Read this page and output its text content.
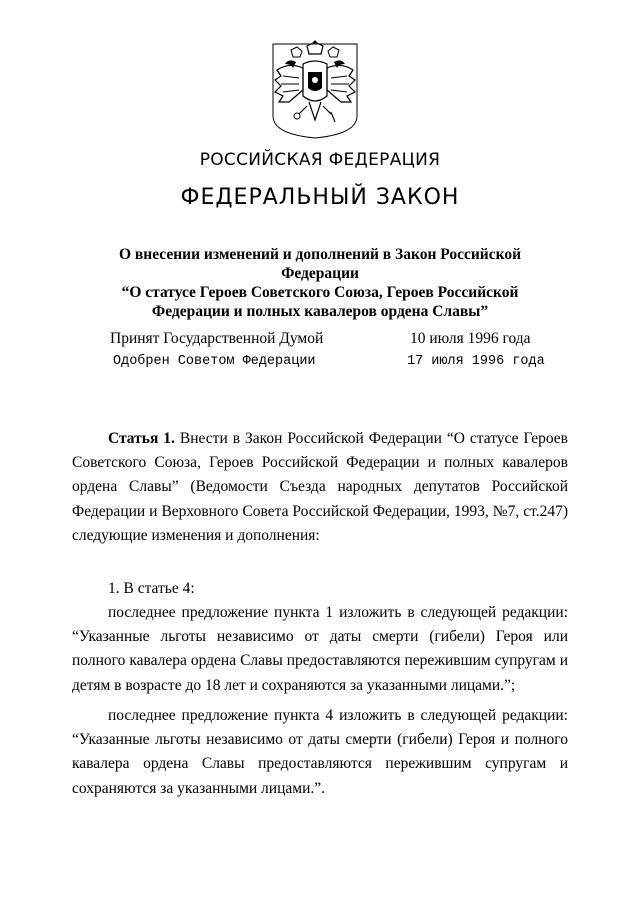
РОССИЙСКАЯ ФЕДЕРАЦИЯ
ФЕДЕРАЛЬНЫЙ ЗАКОН
О внесении изменений и дополнений в Закон Российской Федерации
“О статусе Героев Советского Союза, Героев Российской
Федерации и полных кавалеров ордена Славы”
Принят Государственной Думой	10 июля 1996 года
Одобрен Советом Федерации	17 июля 1996 года
Статья 1. Внести в Закон Российской Федерации “О статусе Героев Советского Союза, Героев Российской Федерации и полных кавалеров ордена Славы” (Ведомости Съезда народных депутатов Российской Федерации и Верховного Совета Российской Федерации, 1993, №7, ст.247) следующие изменения и дополнения:
1. В статье 4:
последнее предложение пункта 1 изложить в следующей редакции: “Указанные льготы независимо от даты смерти (гибели) Героя или полного кавалера ордена Славы предоставляются пережившим супругам и детям в возрасте до 18 лет и сохраняются за указанными лицами.”;
последнее предложение пункта 4 изложить в следующей редакции: “Указанные льготы независимо от даты смерти (гибели) Героя и полного кавалера ордена Славы предоставляются пережившим супругам и сохраняются за указанными лицами.”.
